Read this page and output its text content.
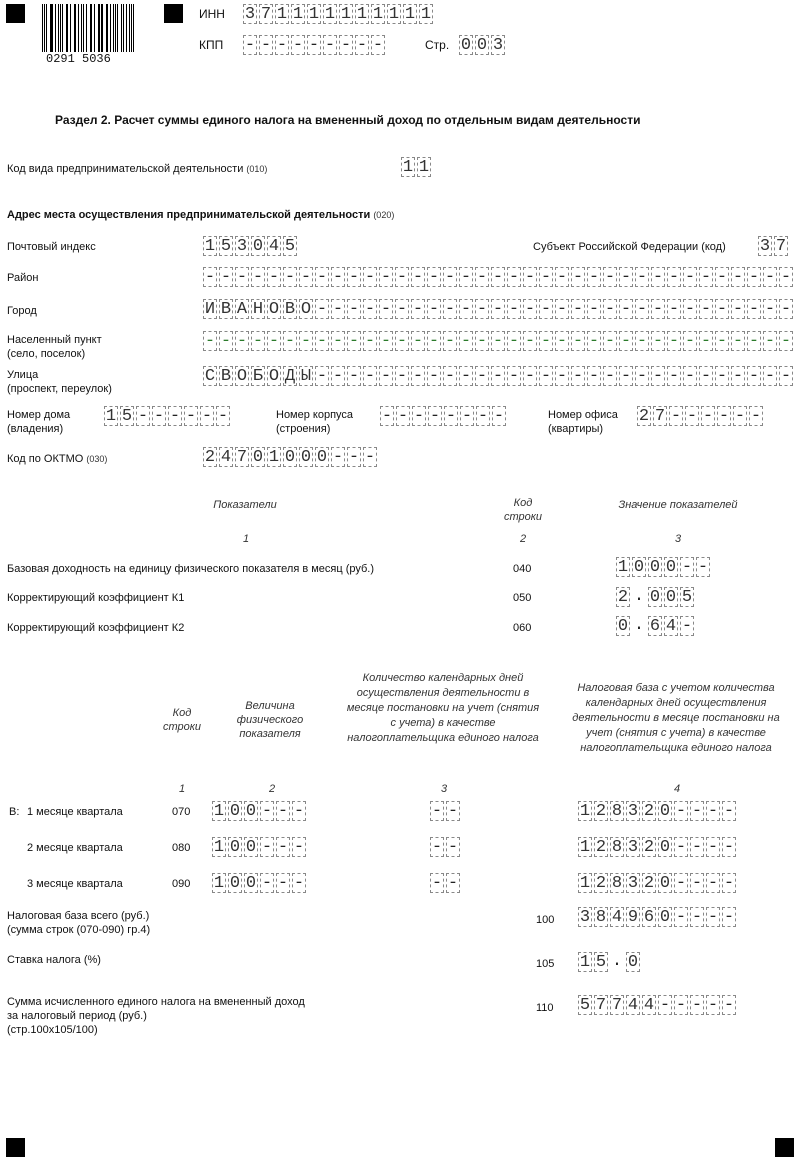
0291 5036
ИНН 3 7 1 1 1 1 1 1 1 1 1 1
КПП - - - - - - - - -	Стр. 0 0 3
Раздел 2. Расчет суммы единого налога на вмененный доход по отдельным видам деятельности
Код вида предпринимательской деятельности (010)	1 1
Адрес места осуществления предпринимательской деятельности (020)
Почтовый индекс	1 5 3 0 4 5	Субъект Российской Федерации (код) 3 7
Район	- - - - - - - - - - - - - - - - - - - - - - - - - - - - - - - - - - - - -
Город	И В А Н О В О - - - - - - - - - - - - - - - - - - - - - - - - - - - - - -
Населенный пункт
(село, поселок)
- - - - - - - - - - - - - - - - - - - - - - - - - - - - - - - - - - - - -
Улица
(проспект, переулок)
С В О Б О Д Ы - - - - - - - - - - - - - - - - - - - - - - - - - - - - - -
Номер дома
(владения)
1 5 - - - - - -	Номер корпуса
(строения)
- - - - - - - -	Номер офиса
(квартиры)
2 7 - - - - - -
Код по ОКТМО (030)	2 4 7 0 1 0 0 0 - - -
Показатели	Код
строки
Значение показателей
1	2	3
Базовая доходность на единицу физического показателя в месяц (руб.)	040	1 0 0 0 - -
Корректирующий коэффициент К1	050	2 . 0 0 5
Корректирующий коэффициент К2	060	0 . 6 4 -
Код
строки
Величина
физического
показателя
Количество календарных дней осуществления деятельности в месяце постановки на учет (снятия с учета) в качестве налогоплательщика единого налога
Налоговая база с учетом количества календарных дней осуществления деятельности в месяце постановки на учет (снятия с учета) в качестве налогоплательщика единого налога
1	2	3	4
В: 1 месяце квартала	070 1 0 0 - - -	- -	1 2 8 3 2 0 - - - -
2 месяце квартала	080 1 0 0 - - -	- -	1 2 8 3 2 0 - - - -
3 месяце квартала	090 1 0 0 - - -	- -	1 2 8 3 2 0 - - - -
Налоговая база всего (руб.)
(сумма строк (070-090) гр.4)
100 3 8 4 9 6 0 - - - -
Ставка налога (%)	105 1 5 . 0
Сумма исчисленного единого налога на вмененный доход
за налоговый период (руб.)
(стр.100х105/100)
110 5 7 7 4 4 - - - - -
